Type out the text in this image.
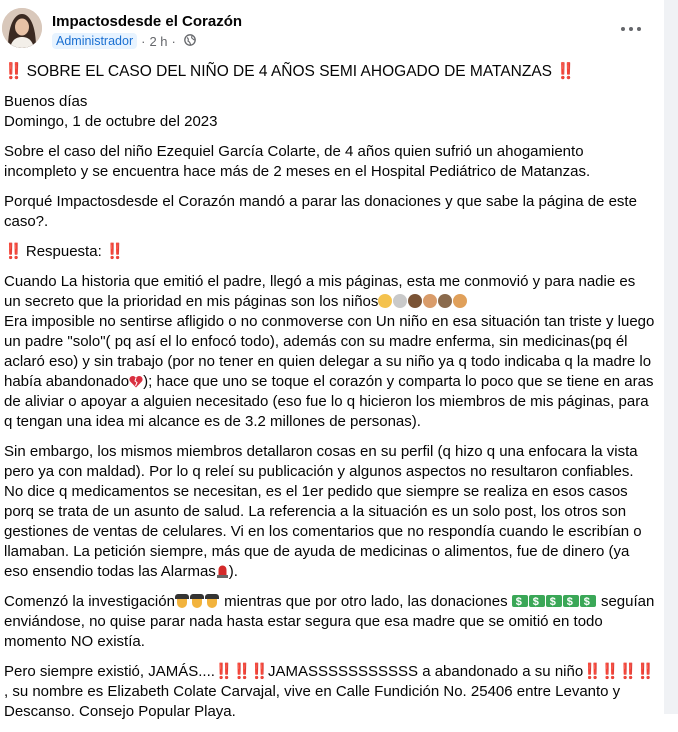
Impactosdesde el Corazón
Administrador · 2 h ·

‼️ SOBRE EL CASO DEL NIÑO DE 4 AÑOS SEMI AHOGADO DE MATANZAS ‼️

Buenos días
Domingo, 1 de octubre del 2023

Sobre el caso del niño Ezequiel García Colarte, de 4 años quien sufrió un ahogamiento incompleto y se encuentra hace más de 2 meses en el Hospital Pediátrico de Matanzas.

Porqué Impactosdesde el Corazón mandó a parar las donaciones y que sabe la página de este caso?.

‼️ Respuesta: ‼️

Cuando La historia que emitió el padre, llegó a mis páginas, esta me conmovió y para nadie es un secreto que la prioridad en mis páginas son los niños
Era imposible no sentirse afligido o no conmoverse con Un niño en esa situación tan triste y luego un padre "solo"( pq así el lo enfocó todo), además con su madre enferma, sin medicinas(pq él aclaró eso) y sin trabajo (por no tener en quien delegar a su niño ya q todo indicaba q la madre lo había abandonado ); hace que uno se toque el corazón y comparta lo poco que se tiene en aras de aliviar o apoyar a alguien necesitado (eso fue lo q hicieron los miembros de mis páginas, para q tengan una idea mi alcance es de 3.2 millones de personas).

Sin embargo, los mismos miembros detallaron cosas en su perfil (q hizo q una enfocara la vista pero ya con maldad). Por lo q releí su publicación y algunos aspectos no resultaron confiables. No dice q medicamentos se necesitan, es el 1er pedido que siempre se realiza en esos casos porq se trata de un asunto de salud. La referencia a la situación es un solo post, los otros son gestiones de ventas de celulares. Vi en los comentarios que no respondía cuando le escribían o llamaban. La petición siempre, más que de ayuda de medicinas o alimentos, fue de dinero (ya eso ensendio todas las Alarmas ).

Comenzó la investigación	mientras que por otro lado, las donaciones $ $ $ $ $	seguían enviándose, no quise parar nada hasta estar segura que esa madre que se omitió en todo momento NO existía.

Pero siempre existió, JAMÁS....‼️‼️‼️JAMASSSSSSSSSSS a abandonado a su niño‼️‼️‼️‼️
, su nombre es Elizabeth Colate Carvajal, vive en Calle Fundición No. 25406 entre Levanto y Descanso. Consejo Popular Playa.
